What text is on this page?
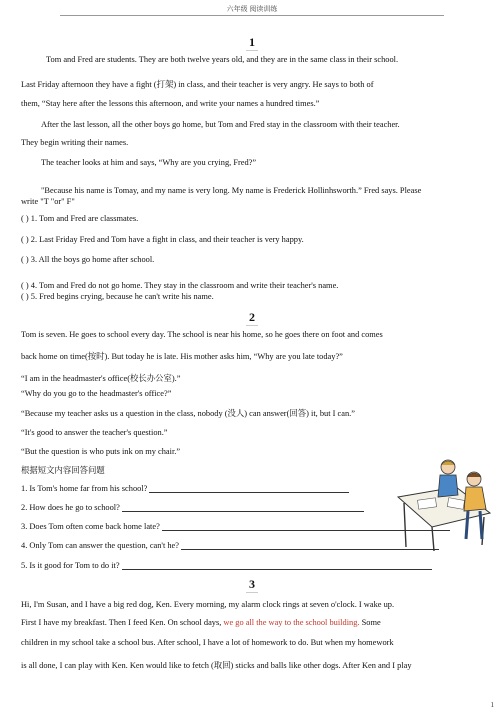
六年级 阅读训练
1
Tom and Fred are students. They are both twelve years old, and they are in the same class in their school.
Last Friday afternoon they have a fight (打架) in class, and their teacher is very angry. He says to both of
them, “Stay here after the lessons this afternoon, and write your names a hundred times.”
After the last lesson, all the other boys go home, but Tom and Fred stay in the classroom with their teacher.
They begin writing their names.
The teacher looks at him and says, “Why are you crying, Fred?”
"Because his name is Tomay, and my name is very long. My name is Frederick Hollinhsworth.” Fred says. Please
write "T "or" F"
( ) 1. Tom and Fred are classmates.
( ) 2. Last Friday Fred and Tom have a fight in class, and their teacher is very happy.
( ) 3. All the boys go home after school.
( ) 4. Tom and Fred do not go home. They stay in the classroom and write their teacher's name.
( ) 5. Fred begins crying, because he can't write his name.
2
Tom is seven. He goes to school every day. The school is near his home, so he goes there on foot and comes
back home on time(按时). But today he is late. His mother asks him, “Why are you late today?”
“I am in the headmaster's office(校长办公室).”
“Why do you go to the headmaster's office?”
“Because my teacher asks us a question in the class, nobody (没人) can answer(回答) it, but I can.”
“It's good to answer the teacher's question.”
“But the question is who puts ink on my chair.”
根据短文内容回答问题
1. Is Tom's home far from his school?
2. How does he go to school?
3. Does Tom often come back home late?
4. Only Tom can answer the question, can't he?
5. Is it good for Tom to do it?
3
Hi, I'm Susan, and I have a big red dog, Ken. Every morning, my alarm clock rings at seven o'clock. I wake up.
First I have my breakfast. Then I feed Ken. On school days, we go all the way to the school building. Some
children in my school take a school bus. After school, I have a lot of homework to do. But when my homework
is all done, I can play with Ken. Ken would like to fetch (取回) sticks and balls like other dogs. After Ken and I play
1
